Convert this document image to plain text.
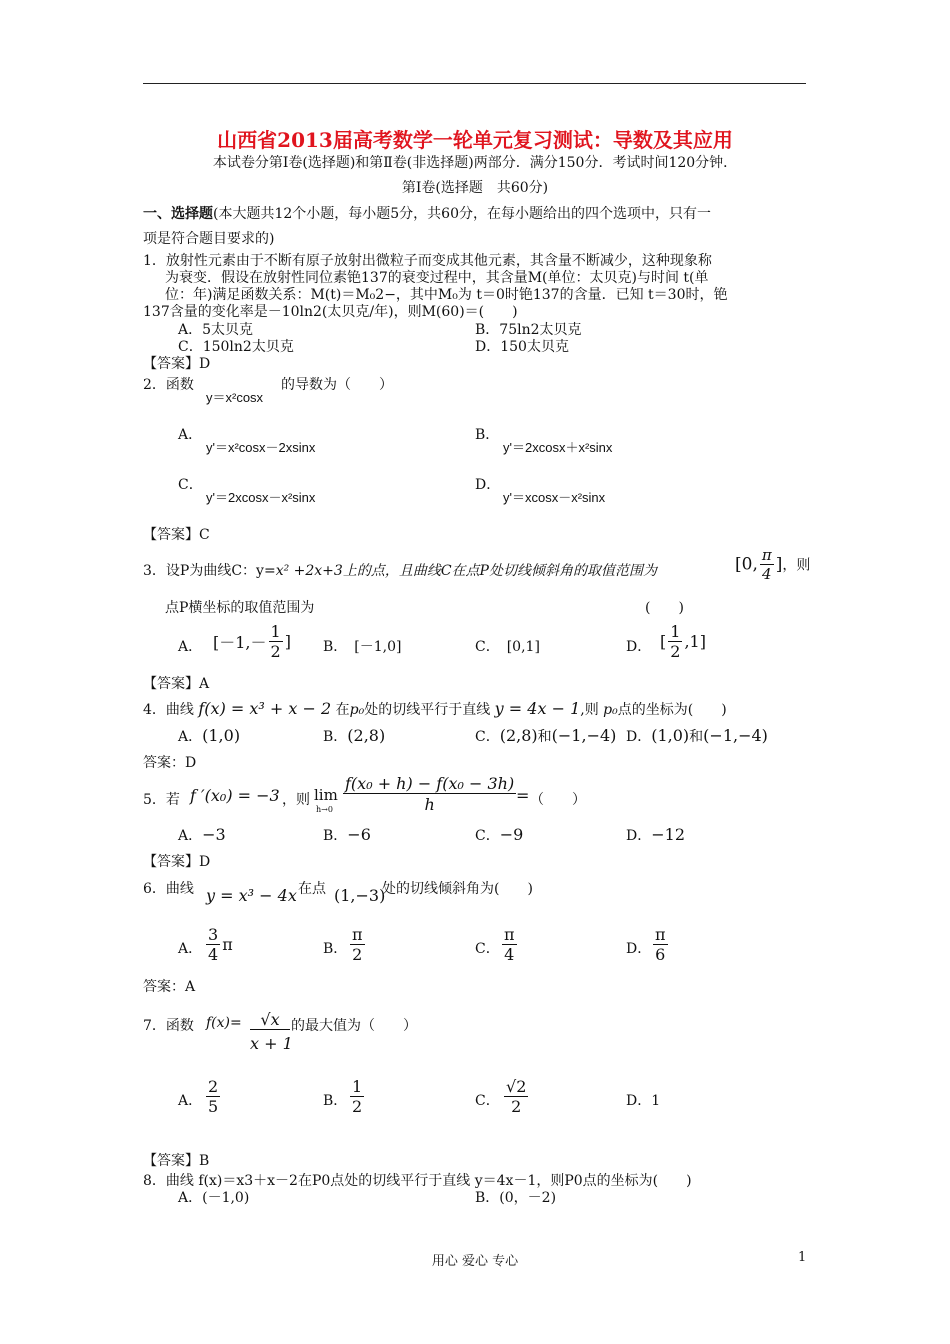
山西省2013届高考数学一轮单元复习测试：导数及其应用
本试卷分第Ⅰ卷(选择题)和第Ⅱ卷(非选择题)两部分．满分150分．考试时间120分钟．
第Ⅰ卷(选择题　共60分)
一、选择题(本大题共12个小题，每小题5分，共60分，在每小题给出的四个选项中，只有一
项是符合题目要求的)
1．放射性元素由于不断有原子放射出微粒子而变成其他元素，其含量不断减少，这种现象称
为衰变．假设在放射性同位素铯137的衰变过程中，其含量M(单位：太贝克)与时间 t(单
位：年)满足函数关系：M(t)＝M₀2−，其中M₀为 t＝0时铯137的含量．已知 t＝30时，铯
137含量的变化率是－10ln2(太贝克/年)，则M(60)＝(　　)
A．5太贝克	B．75ln2太贝克
C．150ln2太贝克	D．150太贝克
【答案】D
2．函数
y＝x²cosx
的导数为（　　）
A．
y'＝x²cosx－2xsinx
B．
y'＝2xcosx＋x²sinx
C．
y'＝2xcosx－x²sinx
D．
y'＝xcosx－x²sinx
【答案】C
3．设P为曲线C：y=x² +2x+3上的点，且曲线C在点P处切线倾斜角的取值范围为	[0, $\frac{\pi}{4}$ ]，则
点P横坐标的取值范围为	(　　)
A． [$-1,- \frac{1}{2}$ ] B．　 [－1,0]	C．　 [0,1]	D． [ $\frac{1}{2} ,1$]
【答案】A
4．曲线 f(x) = x³ + x − 2 在p₀处的切线平行于直线 y = 4x − 1,则 p₀点的坐标为(　　)
A．(1,0)	B．(2,8)	C．(2,8)和(−1,−4) D．(1,0)和(−1,−4)
答案：D
5．若 f ′(x₀) = −3 ，则 lim
$h\to 0 \frac{\text{f(x₀ + h) − f(x₀ − 3h)}}{h}$ = （　　）
A．−3	B．−6	C．−9	D．−12
【答案】D
6．曲线 y = x³ − 4x 在点 (1,−3)
处的切线倾斜角为(　　)
A． $\frac{3}{4}$ π	B． $\frac{\pi}{2}$	C． $\frac{\pi}{4}$	D． $\frac{\pi}{6}$
答案：A
7．函数 $f(x)= \frac{√x}{x + 1}$ 的最大值为（　　）
A． $\frac{2}{5}$	B． $\frac{1}{2}$	C． $\frac{√2}{2}$	D．1
【答案】B
8．曲线 f(x)＝x3＋x－2在P0点处的切线平行于直线 y＝4x－1，则P0点的坐标为(　　)
A．(－1,0)	B．(0，－2)
用心 爱心 专心	1
